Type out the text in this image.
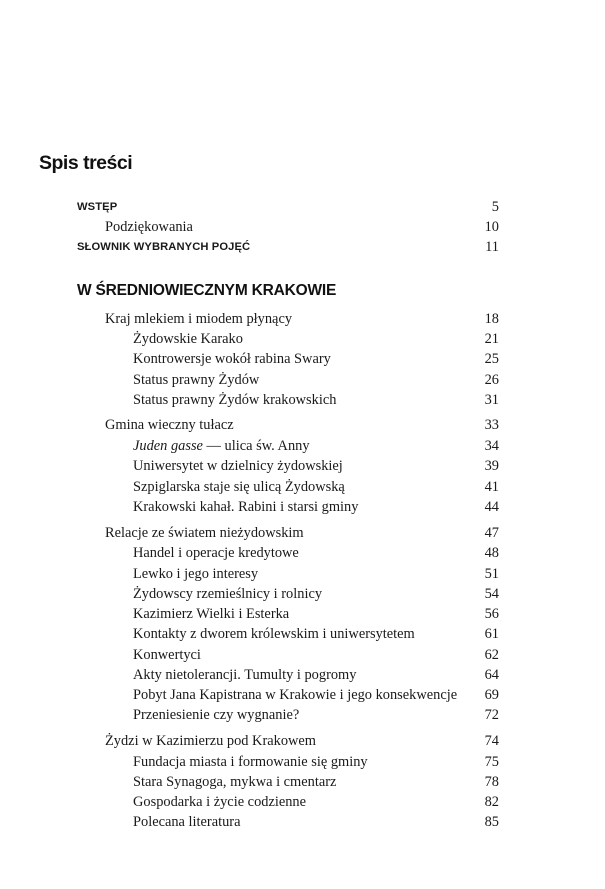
Spis treści
WSTĘP	5
Podziękowania	10
SŁOWNIK WYBRANYCH POJĘĆ	11
W ŚREDNIOWIECZNYM KRAKOWIE
Kraj mlekiem i miodem płynący	18
Żydowskie Karako	21
Kontrowersje wokół rabina Swary	25
Status prawny Żydów	26
Status prawny Żydów krakowskich	31
Gmina wieczny tułacz	33
Juden gasse — ulica św. Anny	34
Uniwersytet w dzielnicy żydowskiej	39
Szpiglarska staje się ulicą Żydowską	41
Krakowski kahał. Rabini i starsi gminy	44
Relacje ze światem nieżydowskim	47
Handel i operacje kredytowe	48
Lewko i jego interesy	51
Żydowscy rzemieślnicy i rolnicy	54
Kazimierz Wielki i Esterka	56
Kontakty z dworem królewskim i uniwersytetem	61
Konwertyci	62
Akty nietolerancji. Tumulty i pogromy	64
Pobyt Jana Kapistrana w Krakowie i jego konsekwencje 69
Przeniesienie czy wygnanie?	72
Żydzi w Kazimierzu pod Krakowem	74
Fundacja miasta i formowanie się gminy	75
Stara Synagoga, mykwa i cmentarz	78
Gospodarka i życie codzienne	82
Polecana literatura	85
